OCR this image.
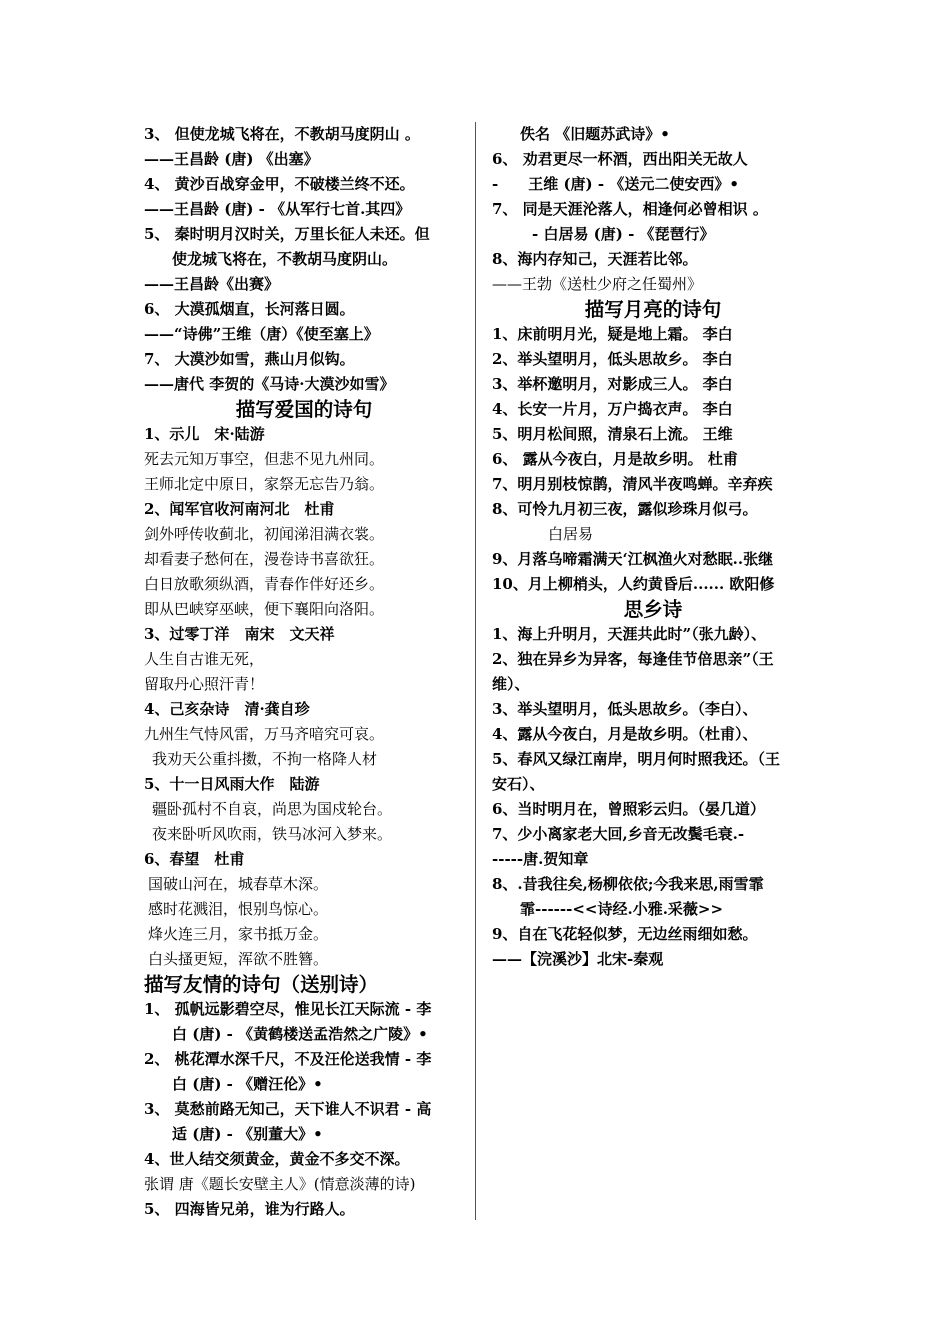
3、 但使龙城飞将在，不教胡马度阴山 。
——王昌龄 (唐) 《出塞》
4、 黄沙百战穿金甲，不破楼兰终不还。
——王昌龄 (唐) - 《从军行七首.其四》
5、 秦时明月汉时关，万里长征人未还。但
使龙城飞将在，不教胡马度阴山。
——王昌龄《出赛》
6、 大漠孤烟直，长河落日圆。
——“诗佛”王维（唐）《使至塞上》
7、 大漠沙如雪，燕山月似钩。
——唐代 李贺的《马诗·大漠沙如雪》
描写爱国的诗句
1、示儿　宋·陆游
死去元知万事空，但悲不见九州同。
王师北定中原日，家祭无忘告乃翁。
2、闻军官收河南河北　杜甫
剑外呼传收蓟北，初闻涕泪满衣裳。
却看妻子愁何在，漫卷诗书喜欲狂。
白日放歌须纵酒，青春作伴好还乡。
即从巴峡穿巫峡，便下襄阳向洛阳。
3、过零丁洋　南宋　文天祥
人生自古谁无死，
留取丹心照汗青！
4、己亥杂诗　清·龚自珍
九州生气恃风雷，万马齐喑究可哀。
我劝天公重抖擞，不拘一格降人材
5、十一日风雨大作　陆游
疆卧孤村不自哀，尚思为国戍轮台。
夜来卧听风吹雨，铁马冰河入梦来。
6、春望　杜甫
国破山河在，城春草木深。
感时花溅泪，恨别鸟惊心。
烽火连三月，家书抵万金。
白头搔更短，浑欲不胜簪。
描写友情的诗句（送别诗）
1、 孤帆远影碧空尽，惟见长江天际流 - 李
白 (唐) - 《黄鹤楼送孟浩然之广陵》•
2、 桃花潭水深千尺，不及汪伦送我情 - 李
白 (唐) - 《赠汪伦》•
3、 莫愁前路无知己，天下谁人不识君 - 高
适 (唐) - 《别董大》•
4、世人结交须黄金，黄金不多交不深。
张谓 唐《题长安壁主人》(情意淡薄的诗)
5、 四海皆兄弟，谁为行路人。
佚名 《旧题苏武诗》•
6、 劝君更尽一杯酒，西出阳关无故人
-　　王维 (唐) - 《送元二使安西》•
7、 同是天涯沦落人，相逢何必曾相识 。
- 白居易 (唐) - 《琵琶行》
8、海内存知己，天涯若比邻。
——王勃《送杜少府之任蜀州》
描写月亮的诗句
1、床前明月光，疑是地上霜。 李白
2、举头望明月，低头思故乡。 李白
3、举杯邀明月，对影成三人。 李白
4、长安一片月，万户捣衣声。 李白
5、明月松间照，清泉石上流。 王维
6、 露从今夜白，月是故乡明。 杜甫
7、明月别枝惊鹊，清风半夜鸣蝉。辛弃疾
8、可怜九月初三夜，露似珍珠月似弓。
白居易
9、月落乌啼霜满天‘江枫渔火对愁眠..张继
10、月上柳梢头，人约黄昏后...... 欧阳修
思乡诗
1、海上升明月，天涯共此时”（张九龄）、
2、独在异乡为异客，每逢佳节倍思亲”（王
维）、
3、举头望明月，低头思故乡。（李白）、
4、露从今夜白，月是故乡明。（杜甫）、
5、春风又绿江南岸，明月何时照我还。（王
安石）、
6、当时明月在，曾照彩云归。（晏几道）
7、少小离家老大回,乡音无改鬓毛衰.-
-----唐.贺知章
8、.昔我往矣,杨柳依依;今我来思,雨雪霏
霏------<<诗经.小雅.采薇>>
9、自在飞花轻似梦，无边丝雨细如愁。
——【浣溪沙】北宋-秦观
